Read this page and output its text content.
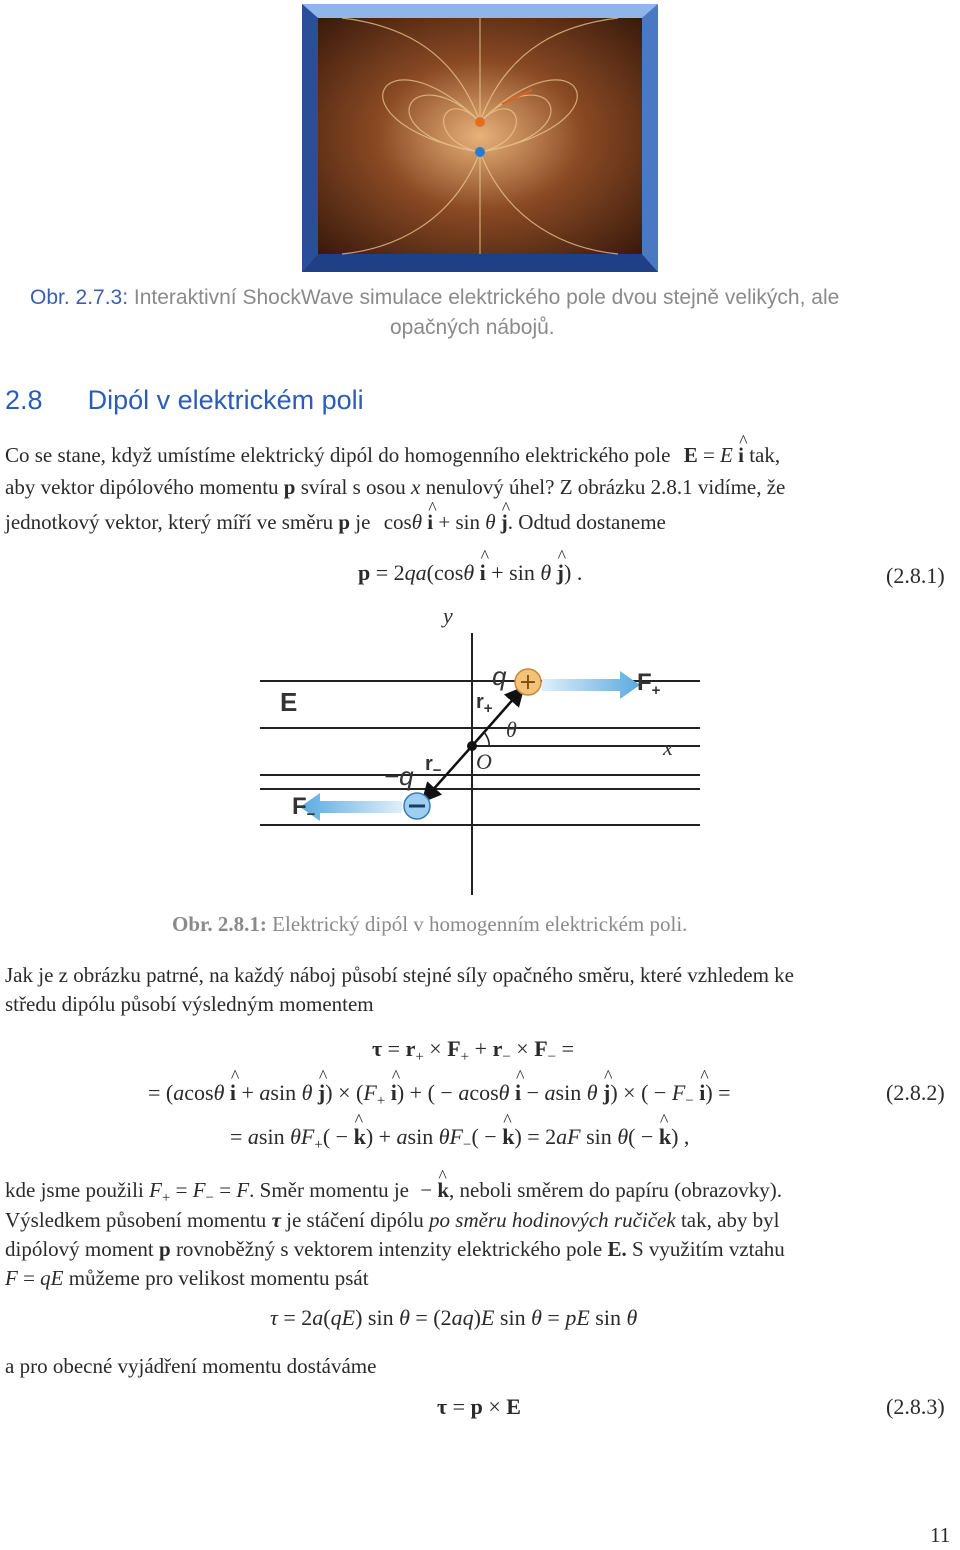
Obr. 2.7.3: Interaktivní ShockWave simulace elektrického pole dvou stejně velikých, ale
opačných nábojů.
2.8 Dipól v elektrickém poli
Co se stane, když umístíme elektrický dipól do homogenního elektrického pole E = E ^ i tak,
aby vektor dipólového momentu p svíral s osou x nenulový úhel? Z obrázku 2.8.1 vidíme, že
jednotkový vektor, který míří ve směru p je cosθ ^ i + sin θ ^ j. Odtud dostaneme
p = 2qa(cosθ ^ i + sin θ ^ j) .	(2.8.1)
+
y
x
E
O
q
−q
θ
$r_+$
$r_-$
$F_+$
$F_-$
Obr. 2.8.1: Elektrický dipól v homogenním elektrickém poli.
Jak je z obrázku patrné, na každý náboj působí stejné síly opačného směru, které vzhledem ke
středu dipólu působí výsledným momentem
$\tau = r_+ \times F_+ + r_- \times F_-$ =
= (acosθ ^ i + asin θ ^ $j) \times (F_+$ ^ i) + ( − acosθ ^ i − asin θ ^ j) × ( − $F_-$ ^ i) =	(2.8.2)
= asin $\theta F_+$( − ^ k) + asin $\theta F_-$( − ^ k) = 2aF sin θ( − ^ k) ,
kde jsme použili $F_+ = F_- = F$. Směr momentu je − ^ k, neboli směrem do papíru (obrazovky).
Výsledkem působení momentu τ je stáčení dipólu po směru hodinových ručiček tak, aby byl
dipólový moment p rovnoběžný s vektorem intenzity elektrického pole E. S využitím vztahu
F = qE můžeme pro velikost momentu psát
τ = 2a(qE) sin θ = (2aq)E sin θ = pE sin θ
a pro obecné vyjádření momentu dostáváme
τ = p × E	(2.8.3)
11
